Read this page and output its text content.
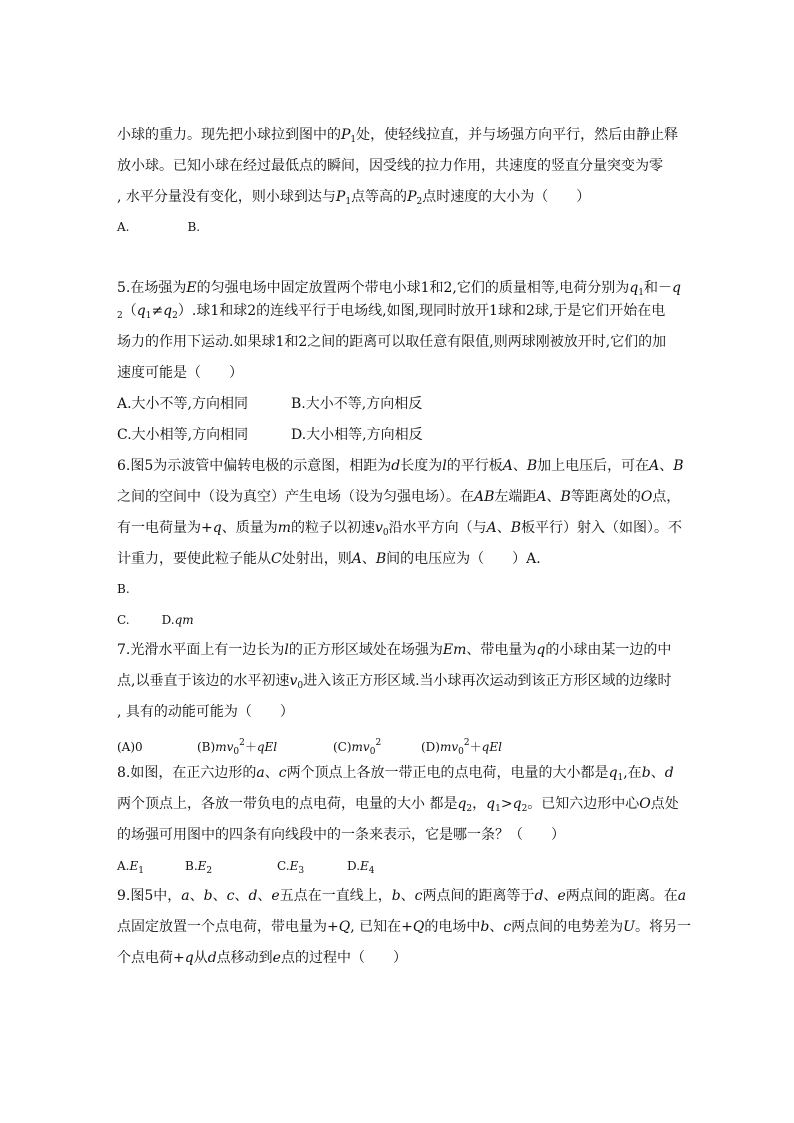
小球的重力。现先把小球拉到图中的$P_1$处，使轻线拉直，并与场强方向平行，然后由静止释
放小球。已知小球在经过最低点的瞬间，因受线的拉力作用，共速度的竖直分量突变为零
, 水平分量没有变化，则小球到达与$P_1$点等高的$P_2$点时速度的大小为（　　）
A.	B.
5.在场强为E的匀强电场中固定放置两个带电小球1和2,它们的质量相等,电荷分别为$q_1$和－q
$_2(q_1\ne q_2)$.球1和球2的连线平行于电场线,如图,现同时放开1球和2球,于是它们开始在电
场力的作用下运动.如果球1和2之间的距离可以取任意有限值,则两球刚被放开时,它们的加
速度可能是（　　）
A.大小不等,方向相同	B.大小不等,方向相反
C.大小相等,方向相同	D.大小相等,方向相反
6.图5为示波管中偏转电极的示意图，相距为d长度为l的平行板A、B加上电压后，可在A、B
之间的空间中（设为真空）产生电场（设为匀强电场）。在AB左端距A、B等距离处的O点，
有一电荷量为+q、质量为m的粒子以初速$v_0$沿水平方向（与A、B板平行）射入（如图）。不
计重力，要使此粒子能从C处射出，则A、B间的电压应为（　　）A.
B.
C.	D.qm
7.光滑水平面上有一边长为l的正方形区域处在场强为Em、带电量为q的小球由某一边的中
点,以垂直于该边的水平初速$v_0$进入该正方形区域.当小球再次运动到该正方形区域的边缘时
, 具有的动能可能为（　　）
(A)0	$(B)mv_0^2+qEl$	$(C)mv_0^2$	$(D)mv_0^2+qEl$
8.如图，在正六边形的a、c两个顶点上各放一带正电的点电荷，电量的大小都是$q_1$,在b、d
两个顶点上，各放一带负电的点电荷，电量的大小 都是$q_2$，$q_1>q_2$。已知六边形中心O点处
的场强可用图中的四条有向线段中的一条来表示，它是哪一条？（　　）
$A.E_1$	$B.E_2$	$C.E_3$	$D.E_4$
9.图5中，a、b、c、d、e五点在一直线上，b、c两点间的距离等于d、e两点间的距离。在a
点固定放置一个点电荷，带电量为+Q, 已知在+Q的电场中b、c两点间的电势差为U。将另一
个点电荷+q从d点移动到e点的过程中（　　）
